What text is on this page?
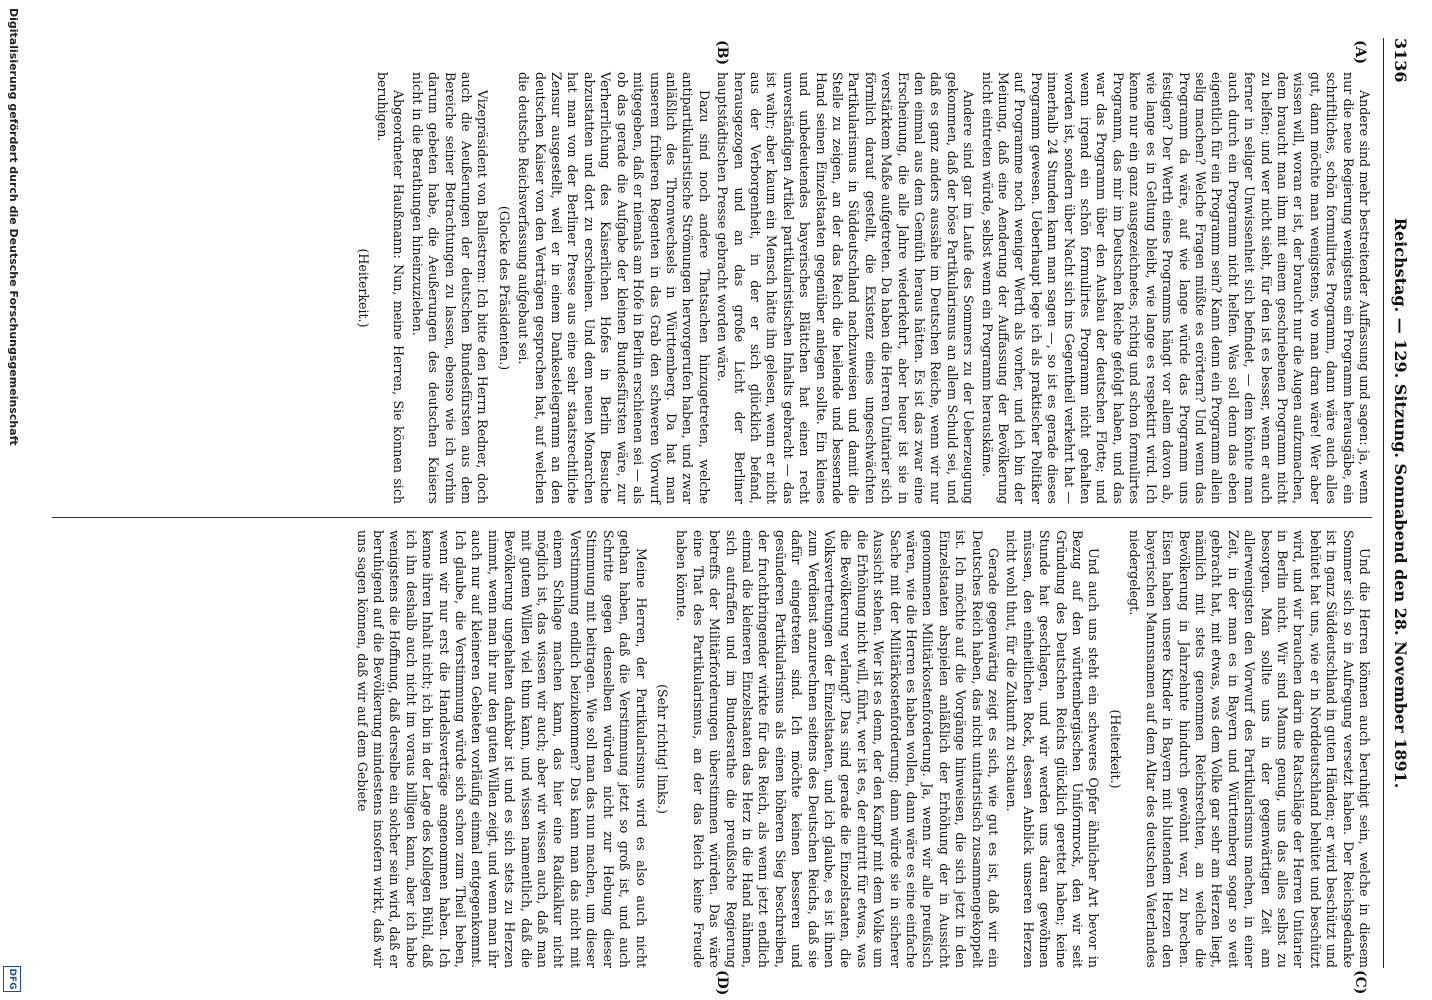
3136
Reichstag. — 129. Sitzung. Sonnabend den 28. November 1891.
(A)
(B)
(C)
(D)

Andere sind mehr bestreitender Auffassung und sagen: ja, wenn nur die neue Regierung wenigstens ein Programm herausgäbe, ein schriftliches, schön formulirtes Programm, dann wäre auch alles gut, dann möchte man wenigstens, wo man dran wäre! Wer aber wissen will, woran er ist, der braucht nur die Augen aufzumachen, dem braucht man ihm mit einem geschriebenen Programm nicht zu helfen; und wer nicht sieht, für den ist es besser, wenn er auch ferner in seliger Unwissenheit sich befindet, — dem könnte man auch durch ein Programm nicht helfen. Was soll denn das eben eigentlich für ein Programm sein? Kann denn ein Programm allein selig machen? Welche Fragen müßte es erörtern? Und wenn das Programm da wäre, auf wie lange würde das Programm uns festigen? Der Werth eines Programms hängt vor allem davon ab, wie lange es in Geltung bleibt, wie lange es respektirt wird. Ich kenne nur ein ganz ausgezeichnetes, richtig und schon formulirtes Programm, das mir im Deutschen Reiche gefolgt haben, und das war das Programm über den Ausbau der deutschen Flotte; und wenn irgend ein schön formulirtes Programm nicht gehalten worden ist, sondern über Nacht sich ins Gegentheil verkehrt hat — innerhalb 24 Stunden kann man sagen —, so ist es gerade dieses Programm gewesen. Ueberhaupt lege ich als praktischer Politiker auf Programme noch weniger Werth als vorher, und ich bin der Meinung, daß eine Aenderung der Auffassung der Bevölkerung nicht eintreten würde, selbst wenn ein Programm herauskäme.

Andere sind gar im Laufe des Sommers zu der Ueberzeugung gekommen, daß der böse Partikularismus an allem Schuld sei, und daß es ganz anders aussähe im Deutschen Reiche, wenn wir nur den einmal aus dem Gemüth heraus hätten. Es ist das zwar eine Erscheinung, die alle Jahre wiederkehrt, aber heuer ist sie in verstärktem Maße aufgetreten. Da haben die Herren Unitarier sich förmlich darauf gestellt, die Existenz eines ungeschwächten Partikularismus in Süddeutschland nachzuweisen und damit die Stelle zu zeigen, an der das Reich die heilende und bessernde Hand seinen Einzelstaaten gegenüber anlegen sollte. Ein kleines und unbedeutendes bayerisches Blättchen hat einen recht unverständigen Artikel partikularistischen Inhalts gebracht — das ist wahr; aber kaum ein Mensch hätte ihn gelesen, wenn er nicht aus der Verborgenheit, in der er sich glücklich befand, herausgezogen und an das große Licht der Berliner hauptstädtischen Presse gebracht worden wäre.

Dazu sind noch andere Thatsachen hinzugetreten, welche antipartikularistische Strömungen hervorgerufen haben, und zwar anläßlich des Thronwechsels in Württemberg. Da hat man unserem früheren Regenten in das Grab den schweren Vorwurf mitgegeben, daß er niemals am Hofe in Berlin erschienen sei — als ob das gerade die Aufgabe der kleinen Bundesfürsten wäre, zur Verherrlichung des Kaiserlichen Hofes in Berlin Besuche abzustatten und dort zu erscheinen. Und dem neuen Monarchen hat man von der Berliner Presse aus eine sehr staatsrechtliche Zensur ausgestellt, weil er in einem Dankestelegramm an den deutschen Kaiser von den Verträgen gesprochen hat, auf welchen die deutsche Reichsverfassung aufgebaut sei.

(Glocke des Präsidenten.)

Vizepräsident von Ballestrem: Ich bitte den Herrn Redner, doch auch die Aeußerungen der deutschen Bundesfürsten aus dem Bereiche seiner Betrachtungen zu lassen, ebenso wie ich vorhin darum gebeten habe, die Aeußerungen des deutschen Kaisers nicht in die Berathungen hineinzuziehen.

Abgeordneter Haußmann: Nun, meine Herren, Sie können sich beruhigen.

(Heiterkeit.)

Und die Herren können auch beruhigt sein, welche in diesem Sommer sich so in Aufregung versetzt haben. Der Reichsgedanke ist in ganz Süddeutschland in guten Händen; er wird beschützt und behütet hat uns, wie er in Norddeutschland behütet und beschützt wird, und wir brauchen darin die Ratschläge der Herren Unitarier in Berlin nicht. Wir sind Manns genug, uns das alles selbst zu besorgen. Man sollte uns in der gegenwärtigen Zeit am allerwenigsten den Vorwurf des Partikularismus machen, in einer Zeit, in der man es in Bayern und Württemberg sogar so weit gebracht hat, mit etwas, was dem Volke gar sehr am Herzen liegt, nämlich mit stets genommen Reichsrechten, an welche die Bevölkerung in Jahrzehnte hindurch gewöhnt war, zu brechen. Eisen haben unsere Kinder in Bayern mit blutendem Herzen den bayerischen Mannsnamen auf dem Altar des deutschen Vaterlandes niedergelegt.

(Heiterkeit.)

Und auch uns steht ein schweres Opfer ähnlicher Art bevor in Bezug auf den württembergischen Uniformrock, den wir seit Gründung des Deutschen Reichs glücklich gerettet haben; keine Stunde hat geschlagen, und wir werden uns daran gewöhnen müssen, den einheitlichen Rock, dessen Anblick unseren Herzen nicht wohl thut, für die Zukunft zu schauen.

Gerade gegenwärtig zeigt es sich, wie gut es ist, daß wir ein Deutsches Reich haben, das nicht unitaristisch zusammengekoppelt ist. Ich möchte auf die Vorgänge hinweisen, die sich jetzt in den Einzelstaaten abspielen anläßlich der Erhöhung der in Aussicht genommenen Militärkostenforderung. Ja, wenn wir alle preußisch wären, wie die Herren es haben wollen, dann wäre es eine einfache Sache mit der Militärkostenforderung; dann würde sie in sicherer Aussicht stehen. Wer ist es denn, der den Kampf mit dem Volke um die Erhöhung nicht will, führt, wer ist es, der eintritt für etwas, was die Bevölkerung verlangt? Das sind gerade die Einzelstaaten, die Volksvertretungen der Einzelstaaten, und ich glaube, es ist ihnen zum Verdienst anzurechnen seitens des Deutschen Reichs, daß sie dafür eingetreten sind. Ich möchte keinen besseren und gesünderen Partikularismus als einen höheren Sieg beschreiben, der fruchtbringender wirkte für das Reich, als wenn jetzt endlich einmal die kleineren Einzelstaaten das Herz in die Hand nähmen, sich aufraffen und im Bundesrathe die preußische Regierung betreffs der Militärforderungen überstimmen würden. Das wäre eine That des Partikularismus, an der das Reich keine Freude haben könnte.

(Sehr richtig! links.)

Meine Herren, der Partikularismus wird es also auch nicht gethan haben, daß die Verstimmung jetzt so groß ist, und auch Schritte gegen denselben würden nicht zur Hebung dieser Stimmung mit beitragen. Wie soll man das nun machen, um dieser Verstimmung endlich beizukommen? Das kann man das nicht mit einem Schlage machen kann, das hier eine Radikalkur nicht möglich ist, das wissen wir auch; aber wir wissen auch, daß man mit gutem Willen viel thun kann, und wissen namentlich, daß die Bevölkerung ungehalten dankbar ist und es sich stets zu Herzen nimmt, wenn man ihr nur den guten Willen zeigt, und wenn man ihr auch nur auf kleineren Gebieten vorläufig einmal entgegenkommt. Ich glaube, die Verstimmung würde sich schon zum Theil heben, wenn wir nur erst die Handelsverträge angenommen haben. Ich kenne ihren Inhalt nicht; ich bin in der Lage des Kollegen Bühl, daß ich ihn deshalb auch nicht im voraus billigen kann, aber ich habe wenigstens die Hoffnung, daß derselbe ein solcher sein wird, daß er beruhigend auf die Bevölkerung mindestens insofern wirkt, daß wir uns sagen können, daß wir auf dem Gebiete

Digitalisierung gefördert durch die Deutsche Forschungsgemeinschaft
DFG
